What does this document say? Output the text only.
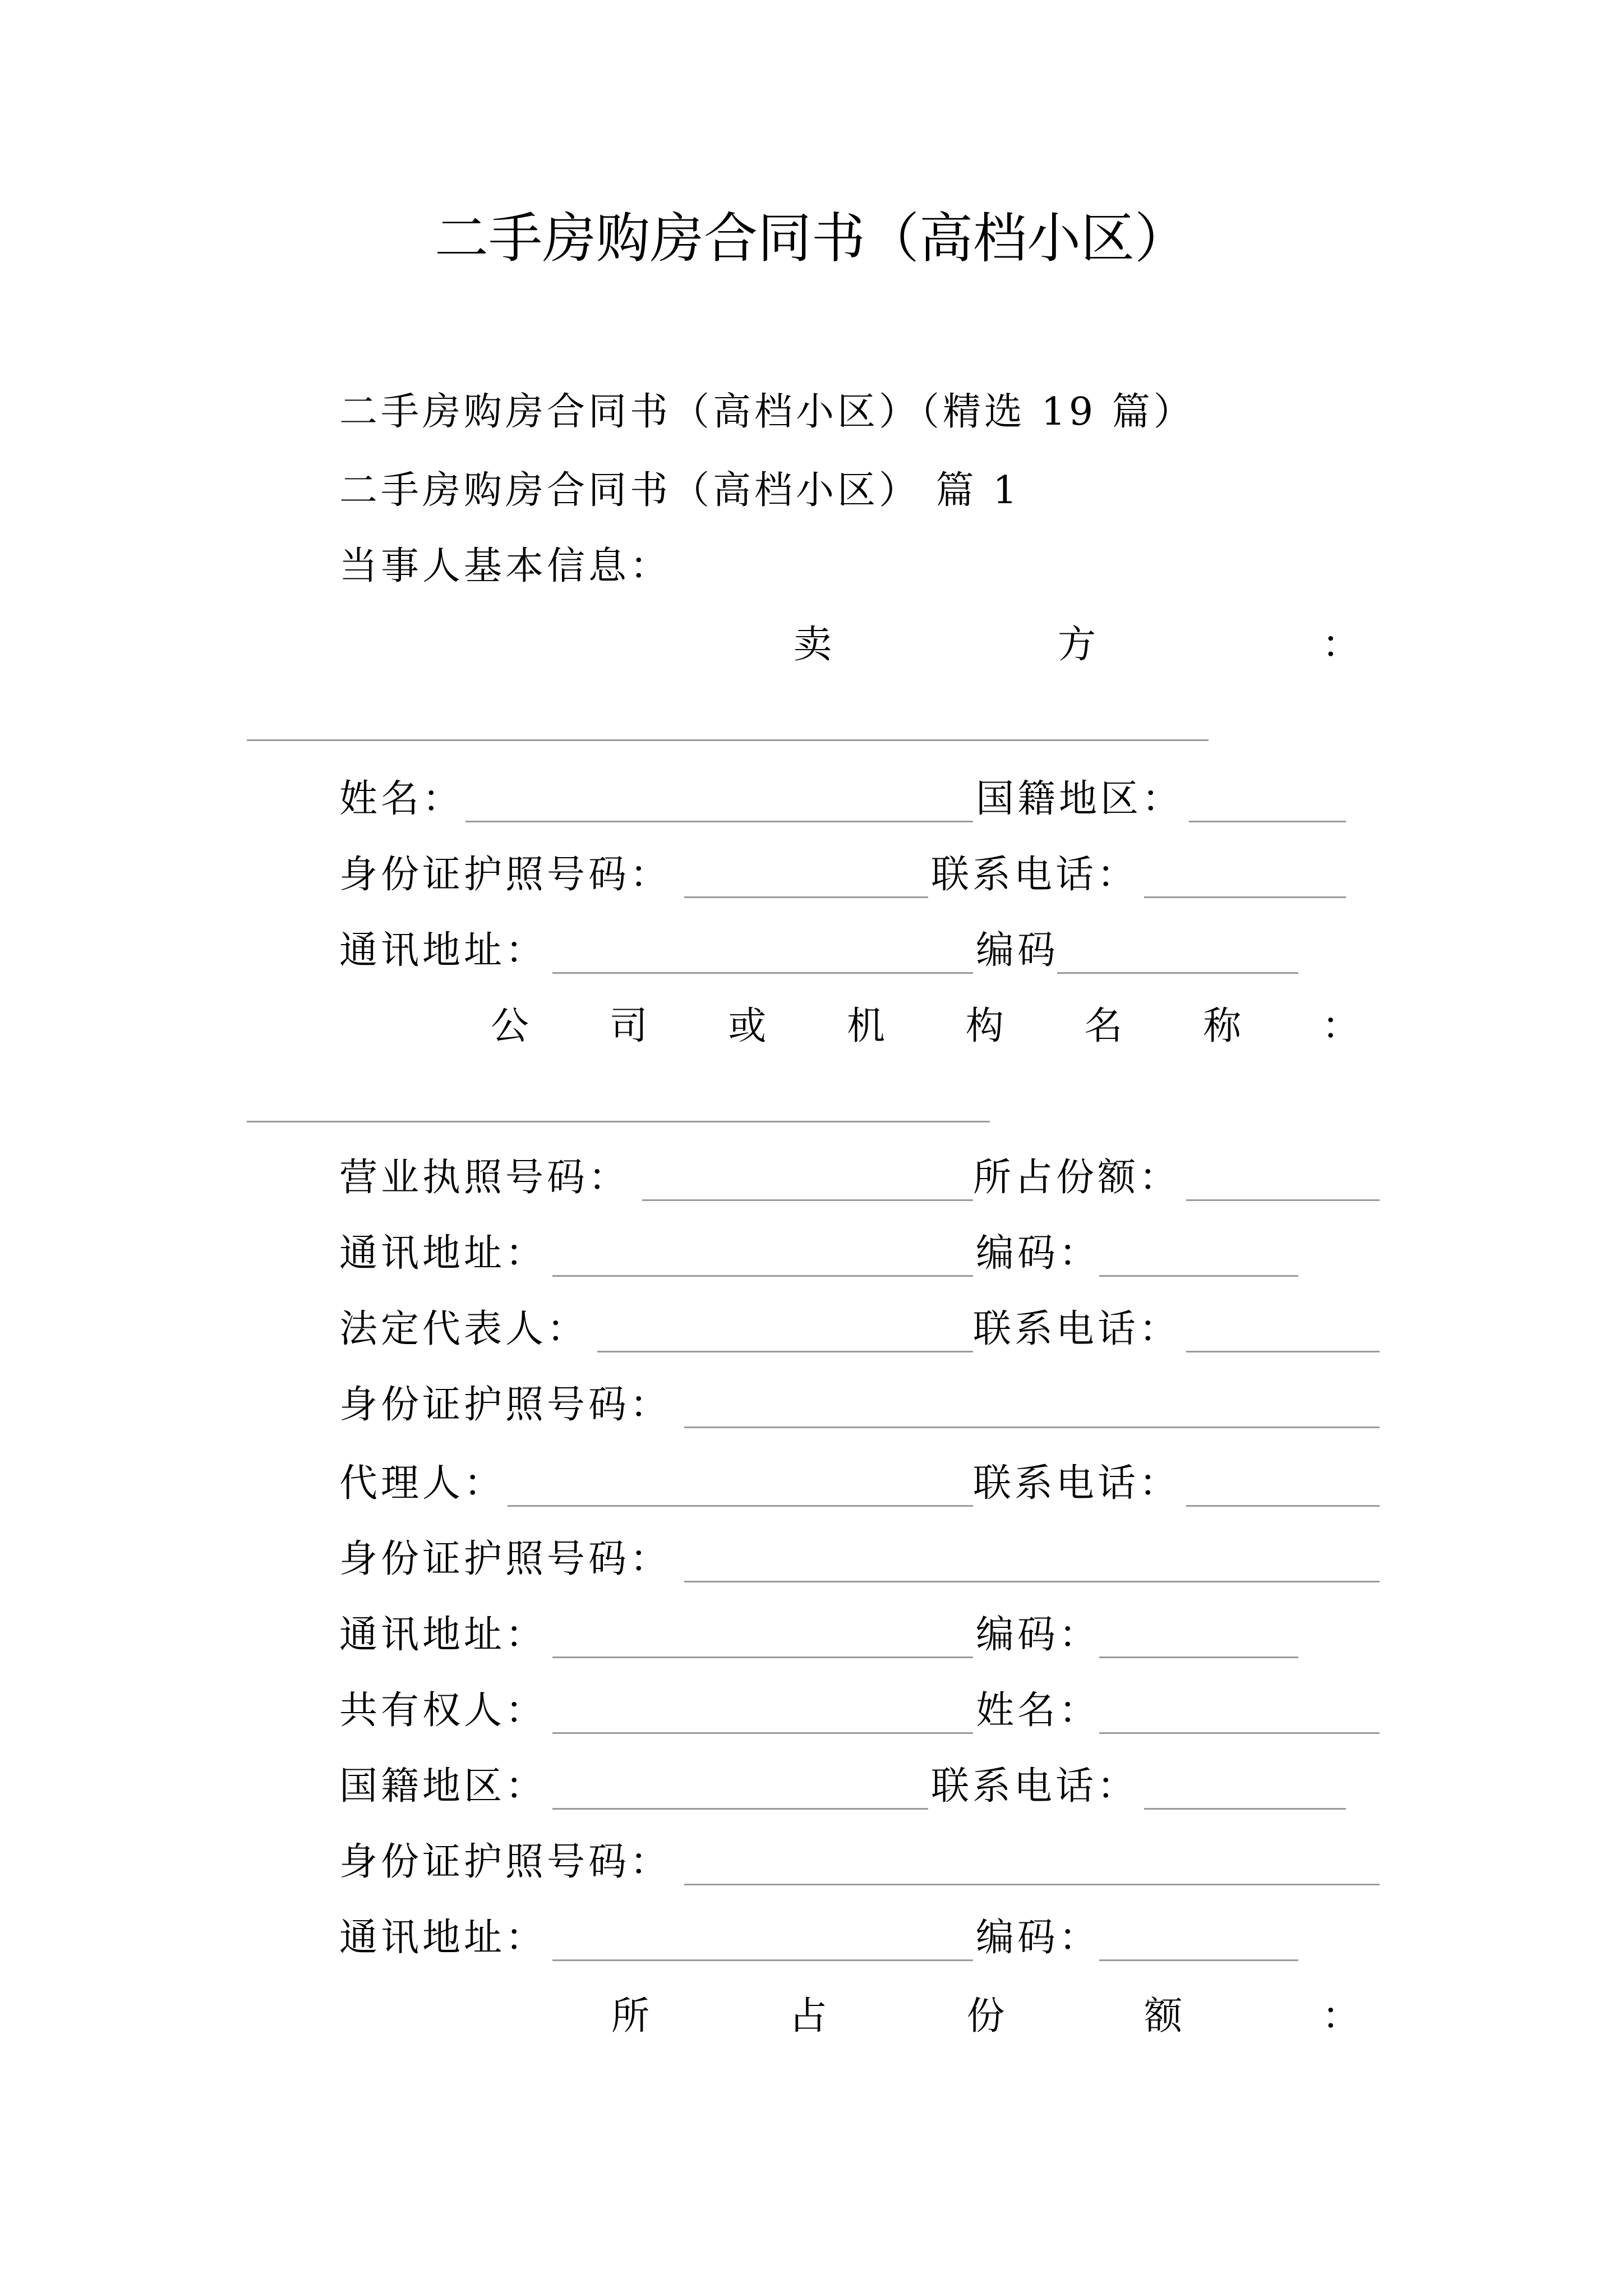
二手房购房合同书（高档小区）
二手房购房合同书（高档小区）（精选 19 篇）
二手房购房合同书（高档小区） 篇 1
当事人基本信息：
卖	方	：
姓名：	国籍地区：
身份证护照号码：	联系电话：
通讯地址：	编码
公 司 或 机 构 名 称 ：
营业执照号码：	所占份额：
通讯地址：	编码：
法定代表人：	联系电话：
身份证护照号码：
代理人：	联系电话：
身份证护照号码：
通讯地址：	编码：
共有权人：	姓名：
国籍地区：	联系电话：
身份证护照号码：
通讯地址：	编码：
所	占	份	额	：
